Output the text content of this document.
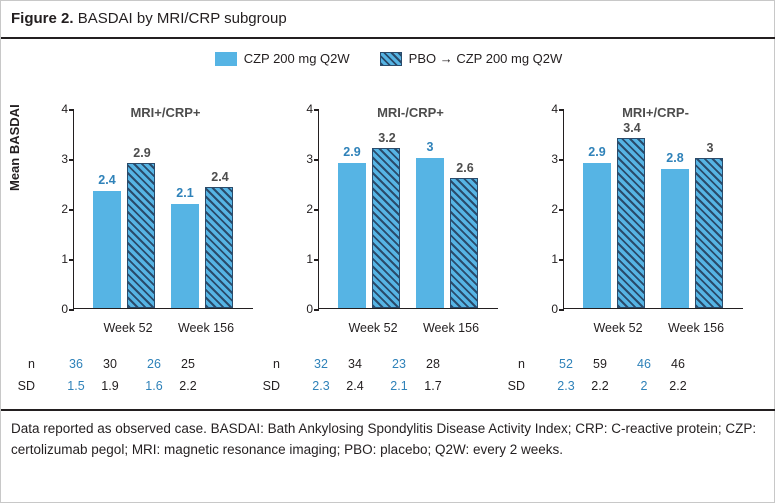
Figure 2. BASDAI by MRI/CRP subgroup
CZP 200 mg Q2W	PBO → CZP 200 mg Q2W
Mean BASDAI	MRI+/CRP+
4
3
2
1
0
2.4
2.9
2.1
2.4
Week 52	Week 156
MRI-/CRP+
4
3
2
1
0
2.9
3.2
3
2.6
Week 52	Week 156
MRI+/CRP-
4
3
2
1
0
2.9
3.4
2.8
3
Week 52	Week 156
n	36	30	26	25
SD	1.5	1.9	1.6	2.2
n	32	34	23	28
SD	2.3	2.4	2.1	1.7
n	52	59	46	46
SD	2.3	2.2	2	2.2
Data reported as observed case. BASDAI: Bath Ankylosing Spondylitis Disease Activity Index; CRP: C-reactive protein; CZP: certolizumab pegol; MRI: magnetic resonance imaging; PBO: placebo; Q2W: every 2 weeks.
